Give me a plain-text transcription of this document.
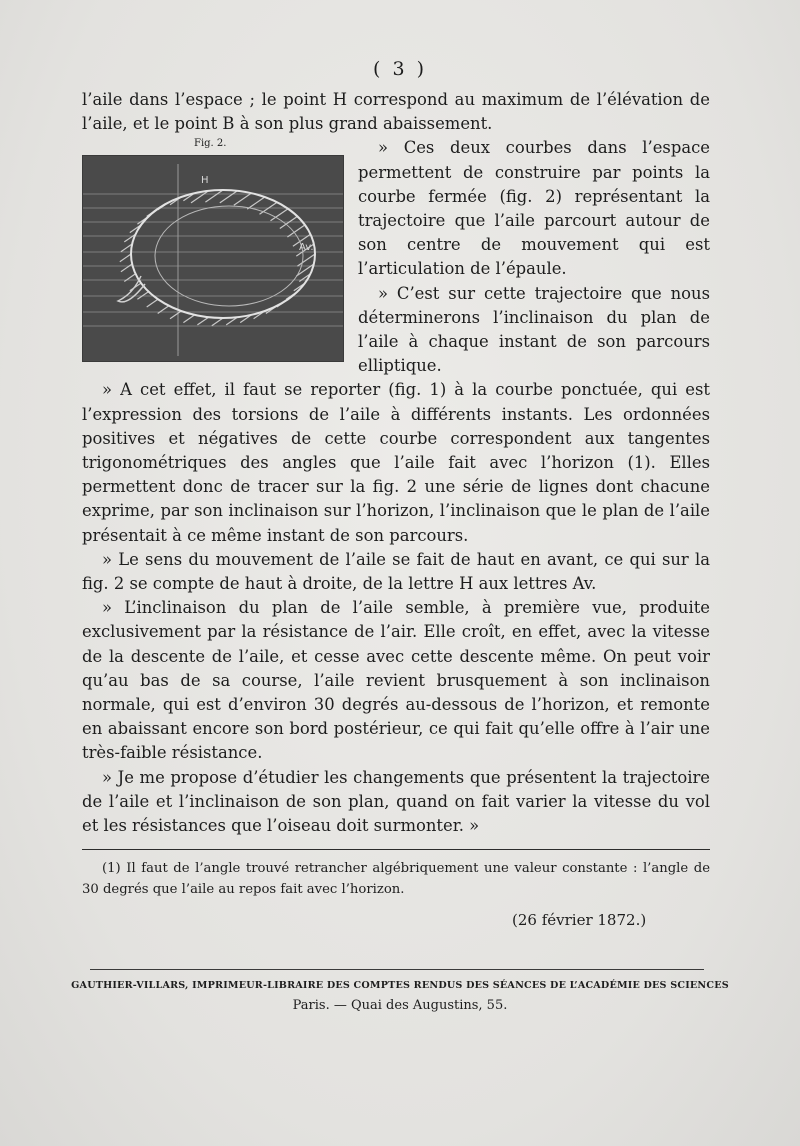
( 3 )

l’aile dans l’espace ; le point H correspond au maximum de l’élévation de l’aile, et le point B à son plus grand abaissement.

Fig. 2.
H
Av.

» Ces deux courbes dans l’espace permettent de construire par points la courbe fermée (fig. 2) représentant la trajectoire que l’aile parcourt autour de son centre de mouvement qui est l’articulation de l’épaule.

» C’est sur cette trajectoire que nous déterminerons l’inclinaison du plan de l’aile à chaque instant de son parcours elliptique.

» A cet effet, il faut se reporter (fig. 1) à la courbe ponctuée, qui est l’expression des torsions de l’aile à différents instants. Les ordonnées positives et négatives de cette courbe correspondent aux tangentes trigonométriques des angles que l’aile fait avec l’horizon (1). Elles permettent donc de tracer sur la fig. 2 une série de lignes dont chacune exprime, par son inclinaison sur l’horizon, l’inclinaison que le plan de l’aile présentait à ce même instant de son parcours.

» Le sens du mouvement de l’aile se fait de haut en avant, ce qui sur la fig. 2 se compte de haut à droite, de la lettre H aux lettres Av.

» L’inclinaison du plan de l’aile semble, à première vue, produite exclusivement par la résistance de l’air. Elle croît, en effet, avec la vitesse de la descente de l’aile, et cesse avec cette descente même. On peut voir qu’au bas de sa course, l’aile revient brusquement à son inclinaison normale, qui est d’environ 30 degrés au-dessous de l’horizon, et remonte en abaissant encore son bord postérieur, ce qui fait qu’elle offre à l’air une très-faible résistance.

» Je me propose d’étudier les changements que présentent la trajectoire de l’aile et l’inclinaison de son plan, quand on fait varier la vitesse du vol et les résistances que l’oiseau doit surmonter. »

(1) Il faut de l’angle trouvé retrancher algébriquement une valeur constante : l’angle de 30 degrés que l’aile au repos fait avec l’horizon.
(26 février 1872.)
GAUTHIER-VILLARS, IMPRIMEUR-LIBRAIRE DES COMPTES RENDUS DES SÉANCES DE L’ACADÉMIE DES SCIENCES
Paris. — Quai des Augustins, 55.
